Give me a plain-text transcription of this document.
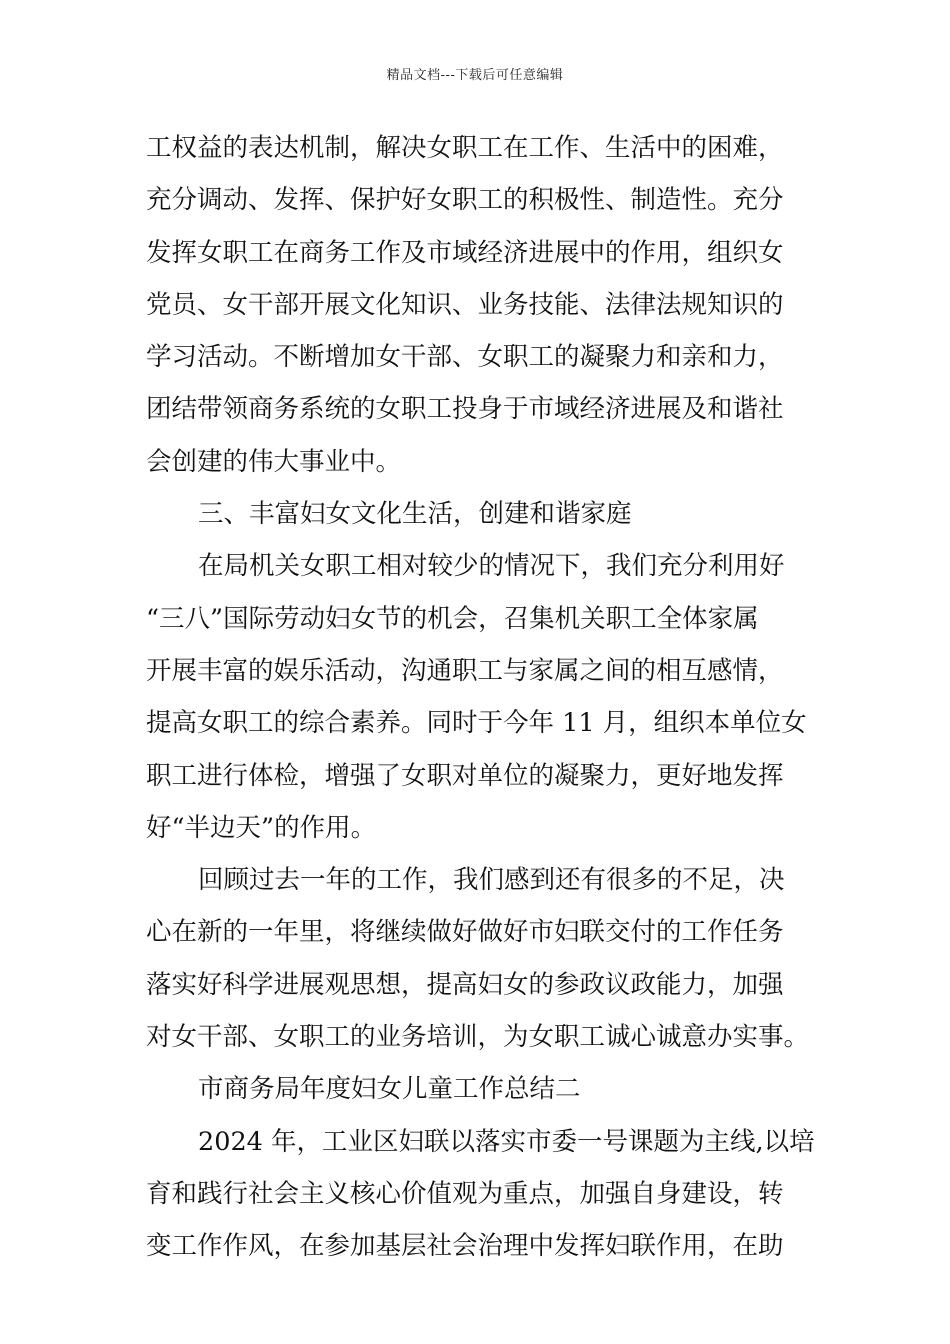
精品文档---下载后可任意编辑
工权益的表达机制，解决女职工在工作、生活中的困难，
充分调动、发挥、保护好女职工的积极性、制造性。充分
发挥女职工在商务工作及市域经济进展中的作用，组织女
党员、女干部开展文化知识、业务技能、法律法规知识的
学习活动。不断增加女干部、女职工的凝聚力和亲和力，
团结带领商务系统的女职工投身于市域经济进展及和谐社
会创建的伟大事业中。
三、丰富妇女文化生活，创建和谐家庭
在局机关女职工相对较少的情况下，我们充分利用好
“三八”国际劳动妇女节的机会，召集机关职工全体家属
开展丰富的娱乐活动，沟通职工与家属之间的相互感情，
提高女职工的综合素养。同时于今年 11 月，组织本单位女
职工进行体检，增强了女职对单位的凝聚力，更好地发挥
好“半边天”的作用。
回顾过去一年的工作，我们感到还有很多的不足，决
心在新的一年里，将继续做好做好市妇联交付的工作任务
落实好科学进展观思想，提高妇女的参政议政能力，加强
对女干部、女职工的业务培训，为女职工诚心诚意办实事。
市商务局年度妇女儿童工作总结二
2024 年，工业区妇联以落实市委一号课题为主线,以培
育和践行社会主义核心价值观为重点，加强自身建设，转
变工作作风，在参加基层社会治理中发挥妇联作用，在助
